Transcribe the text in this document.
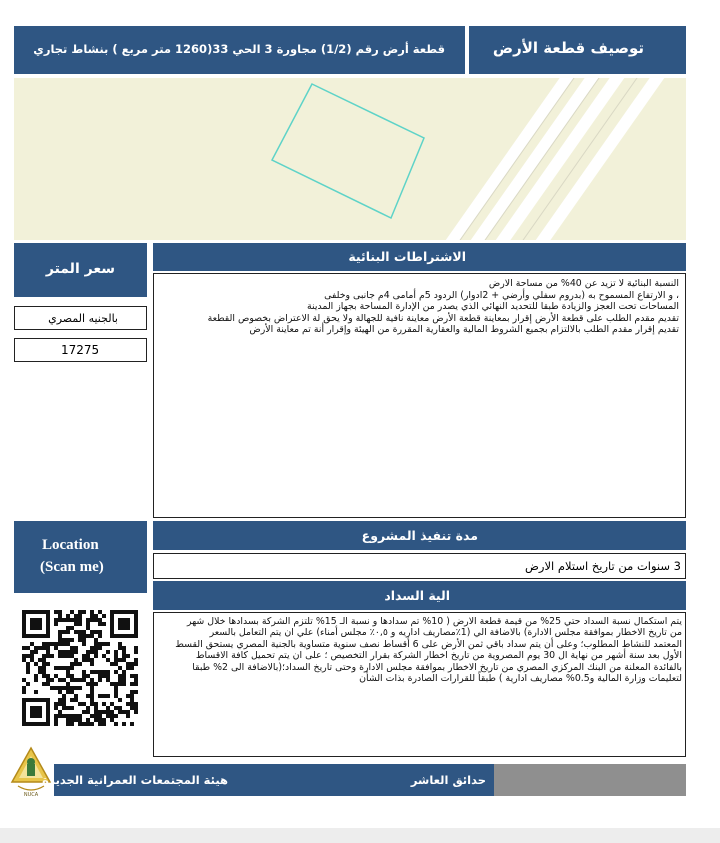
قطعة أرض رقم (1/2) مجاورة 3 الحي 33(1260 متر مربع ) بنشاط تجاري	توصيف قطعة الأرض
سعر المتر
بالجنيه المصري
17275
الاشتراطات البنائية

النسبة البنائية لا تزيد عن 40% من مساحة الارض

، و الارتفاع المسموح به (بدروم سفلي وأرضي + 2ادوار) الردود 5م أمامى 4م جانبى وخلفى

المساحات تحت العجز والزيادة طبقا للتحديد النهائي الذي يصدر من الإدارة المساحة بجهاز المدينة

تقديم مقدم الطلب على قطعة الأرض إقرار بمعاينة قطعة الأرض معاينة نافية للجهالة ولا يحق لة الاعتراض بخصوص القطعة

تقديم إقرار مقدم الطلب بالالتزام بجميع الشروط المالية والعقارية المقررة من الهيئة وإقرار أنة تم معاينة الأرض

Location
(Scan me)
مدة تنفيذ المشروع
3 سنوات من تاريخ استلام الارض
الية السداد

يتم استكمال نسبة السداد حتي 25% من قيمة قطعة الارض ( 10% تم سدادها و نسبة الـ 15% تلتزم الشركة بسدادها خلال شهر

من تاريخ الاخطار بموافقة مجلس الادارة) بالاضافة الي (1٪مصاريف اداريه و ٠,٥٪ مجلس أمناء) علي ان يتم التعامل بالسعر

المعتمد للنشاط المطلوب؛ وعلى أن يتم سداد باقي ثمن الأرض على 6 أقساط نصف سنوية متساوية بالجنية المصري يستحق القسط

الأول بعد سنة أشهر من نهاية ال 30 يوم المصروية من تاريخ اخطار الشركة بقرار التخصيص ؛ على ان يتم تحميل كافة الاقساط

بالفائدة المعلنة من البنك المركزي المصري من تاريخ الاخطار بموافقة مجلس الادارة وحتى تاريخ السداد؛(بالاضافة الى 2% طبقا

لتعليمات وزارة المالية و0.5% مصاريف ادارية ) طبقاً للقرارات الصادرة بذات الشأن

NUCA
حدائق العاشر
هيئة المجتمعات العمرانية الجديدة
